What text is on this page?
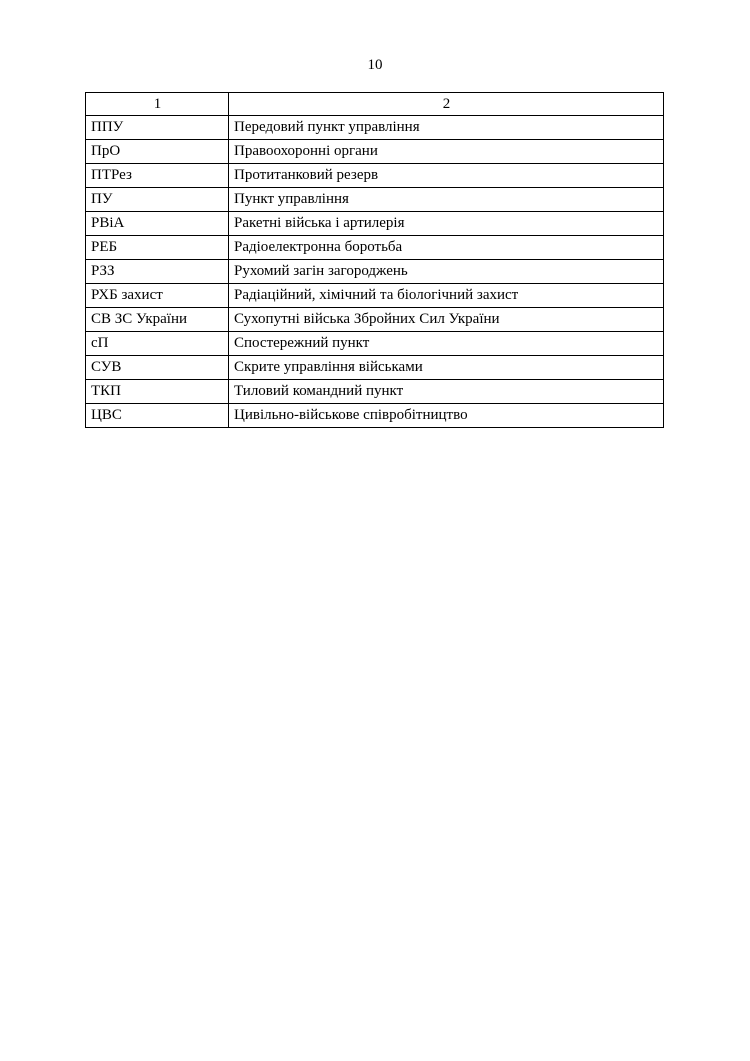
10
1	2
ППУ	Передовий пункт управління
ПрО	Правоохоронні органи
ПТРез	Протитанковий резерв
ПУ	Пункт управління
РВіА	Ракетні війська і артилерія
РЕБ	Радіоелектронна боротьба
РЗЗ	Рухомий загін загороджень
РХБ захист	Радіаційний, хімічний та біологічний захист
СВ ЗС України	Сухопутні війська Збройних Сил України
сП	Спостережний пункт
СУВ	Скрите управління військами
ТКП	Тиловий командний пункт
ЦВС	Цивільно-військове співробітництво
